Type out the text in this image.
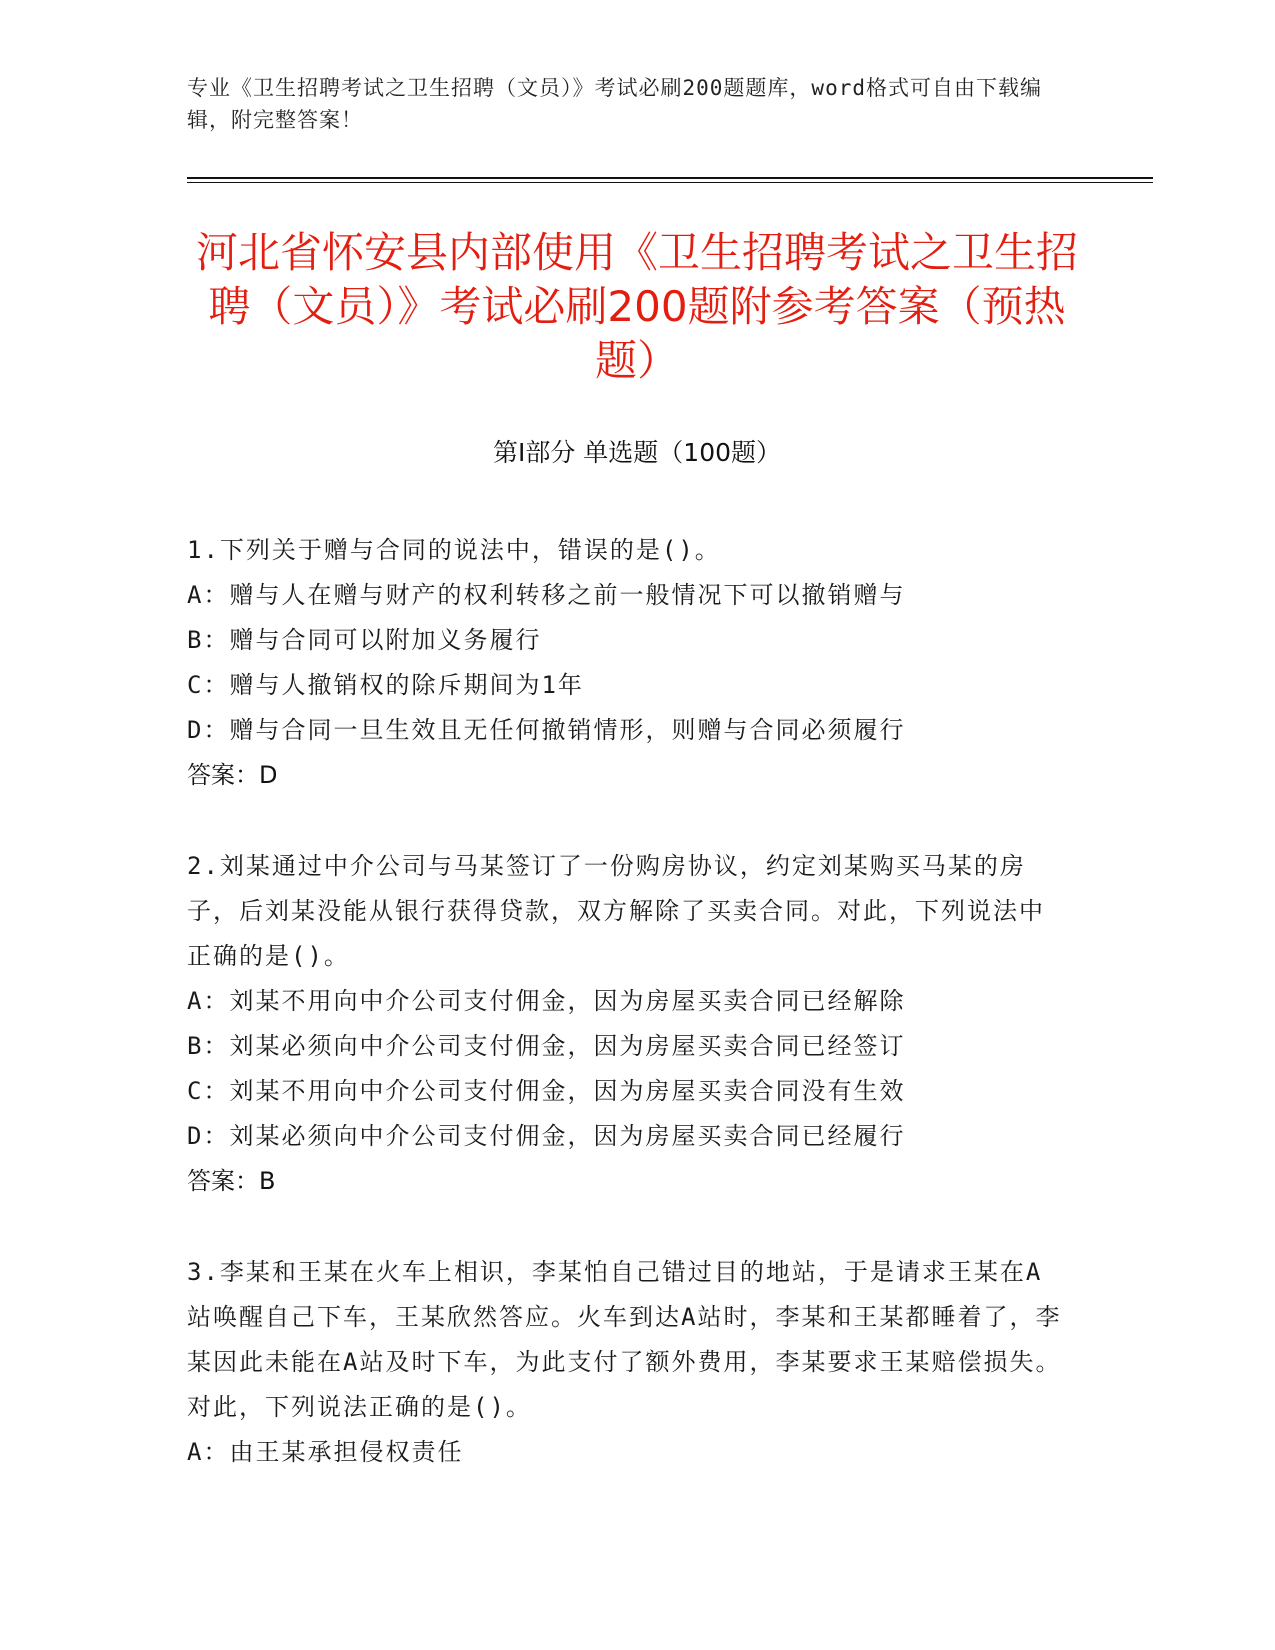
专业《卫生招聘考试之卫生招聘（文员）》考试必刷200题题库，word格式可自由下载编辑，附完整答案！
河北省怀安县内部使用《卫生招聘考试之卫生招聘（文员）》考试必刷200题附参考答案（预热题）
第Ⅰ部分 单选题（100题）
1.下列关于赠与合同的说法中，错误的是()。
A：赠与人在赠与财产的权利转移之前一般情况下可以撤销赠与
B：赠与合同可以附加义务履行
C：赠与人撤销权的除斥期间为1年
D：赠与合同一旦生效且无任何撤销情形，则赠与合同必须履行
答案：D
2.刘某通过中介公司与马某签订了一份购房协议，约定刘某购买马某的房子，后刘某没能从银行获得贷款，双方解除了买卖合同。对此，下列说法中正确的是()。
A：刘某不用向中介公司支付佣金，因为房屋买卖合同已经解除
B：刘某必须向中介公司支付佣金，因为房屋买卖合同已经签订
C：刘某不用向中介公司支付佣金，因为房屋买卖合同没有生效
D：刘某必须向中介公司支付佣金，因为房屋买卖合同已经履行
答案：B
3.李某和王某在火车上相识，李某怕自己错过目的地站，于是请求王某在A站唤醒自己下车，王某欣然答应。火车到达A站时，李某和王某都睡着了，李某因此未能在A站及时下车，为此支付了额外费用，李某要求王某赔偿损失。对此，下列说法正确的是()。
A：由王某承担侵权责任
